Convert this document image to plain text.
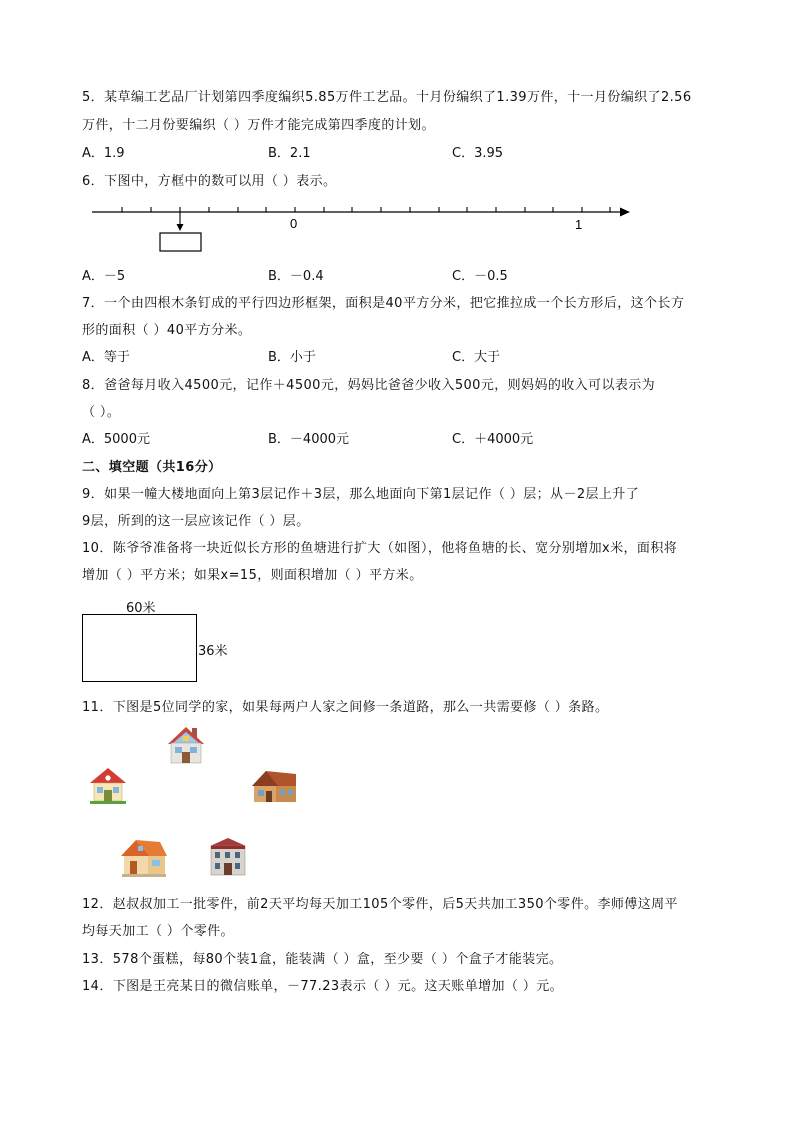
5．某草编工艺品厂计划第四季度编织5.85万件工艺品。十月份编织了1.39万件，十一月份编织了2.56
万件，十二月份要编织（ ）万件才能完成第四季度的计划。
A．1.9	B．2.1	C．3.95
6．下图中，方框中的数可以用（ ）表示。
0	1
A．－5	B．－0.4	C．－0.5
7．一个由四根木条钉成的平行四边形框架，面积是40平方分米，把它推拉成一个长方形后，这个长方
形的面积（ ）40平方分米。
A．等于	B．小于	C．大于
8．爸爸每月收入4500元，记作＋4500元，妈妈比爸爸少收入500元，则妈妈的收入可以表示为
（ ）。
A．5000元	B．－4000元	C．＋4000元
二、填空题（共16分）
9．如果一幢大楼地面向上第3层记作＋3层，那么地面向下第1层记作（ ）层；从－2层上升了
9层，所到的这一层应该记作（ ）层。
10．陈爷爷准备将一块近似长方形的鱼塘进行扩大（如图），他将鱼塘的长、宽分别增加x米，面积将
增加（ ）平方米；如果x=15，则面积增加（ ）平方米。
60米
36米
11．下图是5位同学的家，如果每两户人家之间修一条道路，那么一共需要修（ ）条路。
12．赵叔叔加工一批零件，前2天平均每天加工105个零件，后5天共加工350个零件。李师傅这周平
均每天加工（ ）个零件。
13．578个蛋糕，每80个装1盒，能装满（ ）盒，至少要（ ）个盒子才能装完。
14．下图是王亮某日的微信账单，－77.23表示（ ）元。这天账单增加（ ）元。
